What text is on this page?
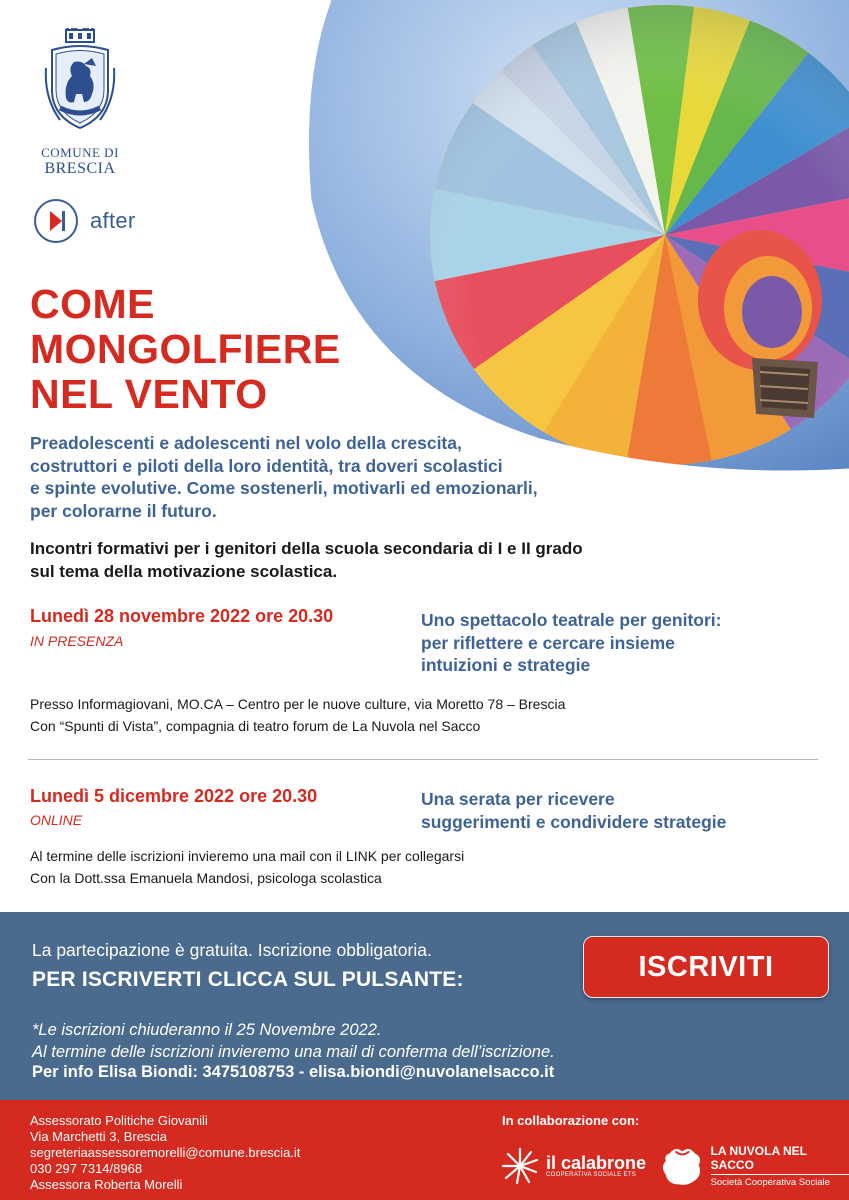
COMUNE DI
BRESCIA
after
COME
MONGOLFIERE
NEL VENTO
Preadolescenti e adolescenti nel volo della crescita,
costruttori e piloti della loro identità, tra doveri scolastici
e spinte evolutive. Come sostenerli, motivarli ed emozionarli,
per colorarne il futuro.
Incontri formativi per i genitori della scuola secondaria di I e II grado
sul tema della motivazione scolastica.
Lunedì 28 novembre 2022 ore 20.30
IN PRESENZA
Uno spettacolo teatrale per genitori:
per riflettere e cercare insieme
intuizioni e strategie
Presso Informagiovani, MO.CA – Centro per le nuove culture, via Moretto 78 – Brescia
Con “Spunti di Vista”, compagnia di teatro forum de La Nuvola nel Sacco
Lunedì 5 dicembre 2022 ore 20.30
ONLINE
Una serata per ricevere
suggerimenti e condividere strategie
Al termine delle iscrizioni invieremo una mail con il LINK per collegarsi
Con la Dott.ssa Emanuela Mandosi, psicologa scolastica
La partecipazione è gratuita. Iscrizione obbligatoria.
PER ISCRIVERTI CLICCA SUL PULSANTE:	ISCRIVITI
*Le iscrizioni chiuderanno il 25 Novembre 2022.
Al termine delle iscrizioni invieremo una mail di conferma dell’iscrizione.
Per info Elisa Biondi: 3475108753 - elisa.biondi@nuvolanelsacco.it
Assessorato Politiche Giovanili
Via Marchetti 3, Brescia
segreteriaassessoremorelli@comune.brescia.it
030 297 7314/8968
Assessora Roberta Morelli
In collaborazione con:
il calabrone
COOPERATIVA SOCIALE ETS
LA NUVOLA NEL SACCO
Società Cooperativa Sociale
